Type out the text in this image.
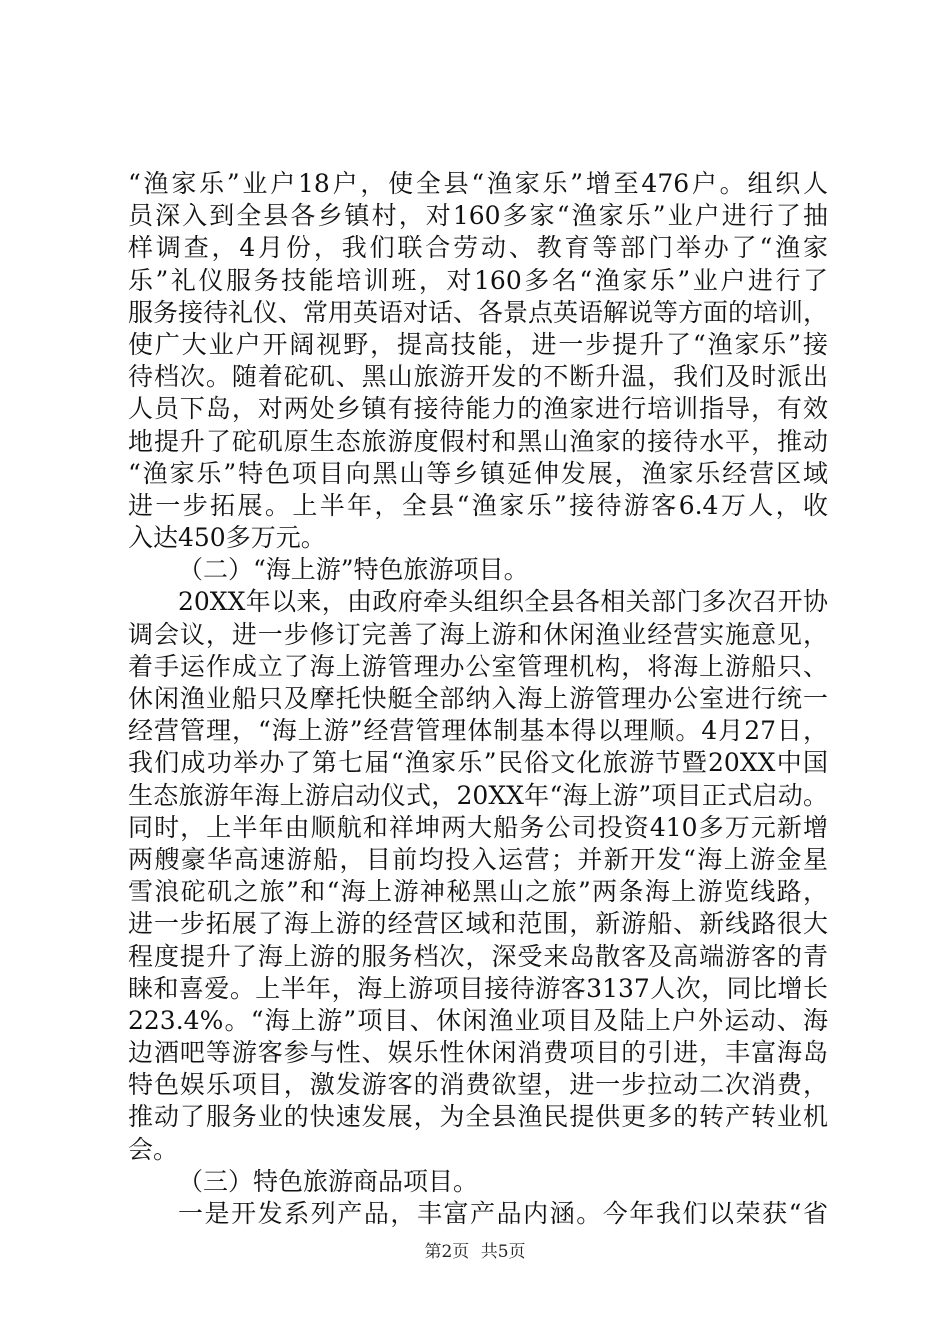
“渔家乐”业户18户，使全县“渔家乐”增至476户。组织人
员深入到全县各乡镇村，对160多家“渔家乐”业户进行了抽
样调查，4月份，我们联合劳动、教育等部门举办了“渔家
乐”礼仪服务技能培训班，对160多名“渔家乐”业户进行了
服务接待礼仪、常用英语对话、各景点英语解说等方面的培训，
使广大业户开阔视野，提高技能，进一步提升了“渔家乐”接
待档次。随着砣矶、黑山旅游开发的不断升温，我们及时派出
人员下岛，对两处乡镇有接待能力的渔家进行培训指导，有效
地提升了砣矶原生态旅游度假村和黑山渔家的接待水平，推动
“渔家乐”特色项目向黑山等乡镇延伸发展，渔家乐经营区域
进一步拓展。上半年，全县“渔家乐”接待游客6.4万人，收
入达450多万元。
（二）“海上游”特色旅游项目。
20XX年以来，由政府牵头组织全县各相关部门多次召开协
调会议，进一步修订完善了海上游和休闲渔业经营实施意见，
着手运作成立了海上游管理办公室管理机构，将海上游船只、
休闲渔业船只及摩托快艇全部纳入海上游管理办公室进行统一
经营管理，“海上游”经营管理体制基本得以理顺。4月27日，
我们成功举办了第七届“渔家乐”民俗文化旅游节暨20XX中国
生态旅游年海上游启动仪式，20XX年“海上游”项目正式启动。
同时，上半年由顺航和祥坤两大船务公司投资410多万元新增
两艘豪华高速游船，目前均投入运营；并新开发“海上游金星
雪浪砣矶之旅”和“海上游神秘黑山之旅”两条海上游览线路，
进一步拓展了海上游的经营区域和范围，新游船、新线路很大
程度提升了海上游的服务档次，深受来岛散客及高端游客的青
睐和喜爱。上半年，海上游项目接待游客3137人次，同比增长
223.4%。“海上游”项目、休闲渔业项目及陆上户外运动、海
边酒吧等游客参与性、娱乐性休闲消费项目的引进，丰富海岛
特色娱乐项目，激发游客的消费欲望，进一步拉动二次消费，
推动了服务业的快速发展，为全县渔民提供更多的转产转业机
会。
（三）特色旅游商品项目。
一是开发系列产品，丰富产品内涵。今年我们以荣获“省
第2页 共5页
